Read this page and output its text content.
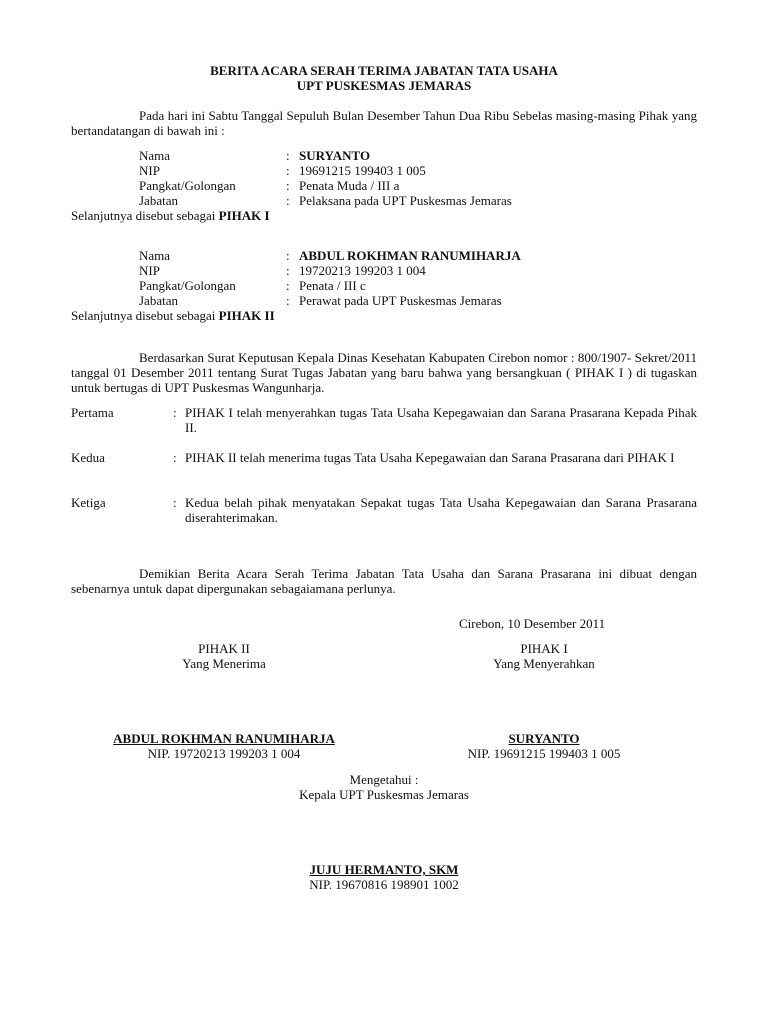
BERITA ACARA SERAH TERIMA JABATAN TATA USAHA
UPT PUSKESMAS JEMARAS
Pada hari ini Sabtu Tanggal Sepuluh Bulan Desember Tahun Dua Ribu Sebelas masing-masing Pihak yang bertandatangan di bawah ini :
Nama	: SURYANTO
NIP	: 19691215 199403 1 005
Pangkat/Golongan	: Penata Muda / III a
Jabatan	: Pelaksana pada UPT Puskesmas Jemaras
Selanjutnya disebut sebagai PIHAK I
Nama	: ABDUL ROKHMAN RANUMIHARJA
NIP	: 19720213 199203 1 004
Pangkat/Golongan	: Penata / III c
Jabatan	: Perawat pada UPT Puskesmas Jemaras
Selanjutnya disebut sebagai PIHAK II
Berdasarkan Surat Keputusan Kepala Dinas Kesehatan Kabupaten Cirebon nomor : 800/1907- Sekret/2011 tanggal 01 Desember 2011 tentang Surat Tugas Jabatan yang baru bahwa yang bersangkuan ( PIHAK I ) di tugaskan untuk bertugas di UPT Puskesmas Wangunharja.
Pertama	: PIHAK I telah menyerahkan tugas Tata Usaha Kepegawaian dan Sarana Prasarana Kepada Pihak II.
Kedua	: PIHAK II telah menerima tugas Tata Usaha Kepegawaian dan Sarana Prasarana dari PIHAK I
Ketiga	: Kedua belah pihak menyatakan Sepakat tugas Tata Usaha Kepegawaian dan Sarana Prasarana diserahterimakan.
Demikian Berita Acara Serah Terima Jabatan Tata Usaha dan Sarana Prasarana ini dibuat dengan sebenarnya untuk dapat dipergunakan sebagaiamana perlunya.
Cirebon, 10 Desember 2011
PIHAK II
Yang Menerima
PIHAK I
Yang Menyerahkan
ABDUL ROKHMAN RANUMIHARJA
NIP. 19720213 199203 1 004
SURYANTO
NIP. 19691215 199403 1 005
Mengetahui :
Kepala UPT Puskesmas Jemaras
JUJU HERMANTO, SKM
NIP. 19670816 198901 1002
